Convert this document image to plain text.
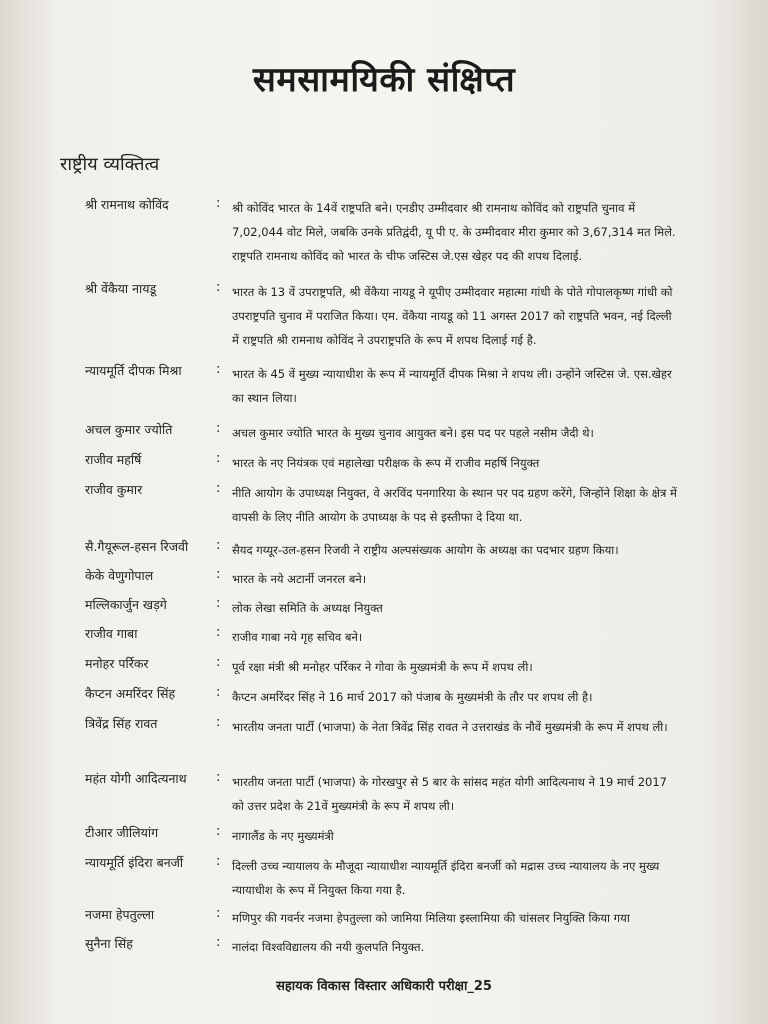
समसामयिकी संक्षिप्त
राष्ट्रीय व्यक्तित्व
श्री रामनाथ कोविंद	: श्री कोविंद भारत के 14वें राष्ट्रपति बने। एनडीए उम्मीदवार श्री रामनाथ कोविंद को राष्ट्रपति चुनाव में 7,02,044 वोट मिले, जबकि उनके प्रतिद्वंदी, यू पी ए. के उम्मीदवार मीरा कुमार को 3,67,314 मत मिले. राष्ट्रपति रामनाथ कोविंद को भारत के चीफ जस्टिस जे.एस खेहर पद की शपथ दिलाई.
श्री वेंकैया नायडू	: भारत के 13 वें उपराष्ट्रपति, श्री वेंकैया नायडू ने यूपीए उम्मीदवार महात्मा गांधी के पोते गोपालकृष्ण गांधी को उपराष्ट्रपति चुनाव में पराजित किया। एम. वेंकैया नायडू को 11 अगस्त 2017 को राष्ट्रपति भवन, नई दिल्ली में राष्ट्रपति श्री रामनाथ कोविंद ने उपराष्ट्रपति के रूप में शपथ दिलाई गई है.
न्यायमूर्ति दीपक मिश्रा	: भारत के 45 वें मुख्य न्यायाधीश के रूप में न्यायमूर्ति दीपक मिश्रा ने शपथ ली। उन्होंने जस्टिस जे. एस.खेहर का स्थान लिया।
अचल कुमार ज्योति	: अचल कुमार ज्योति भारत के मुख्य चुनाव आयुक्त बने। इस पद पर पहले नसीम जैदी थे।
राजीव महर्षि	: भारत के नए नियंत्रक एवं महालेखा परीक्षक के रूप में राजीव महर्षि नियुक्त
राजीव कुमार	: नीति आयोग के उपाध्यक्ष नियुक्त, वे अरविंद पनगारिया के स्थान पर पद ग्रहण करेंगे, जिन्होंने शिक्षा के क्षेत्र में वापसी के लिए नीति आयोग के उपाध्यक्ष के पद से इस्तीफा दे दिया था.
सै.गैयूरूल-हसन रिजवी	: सैयद गय्यूर-उल-हसन रिजवी ने राष्ट्रीय अल्पसंख्यक आयोग के अध्यक्ष का पदभार ग्रहण किया।
केके वेणुगोपाल	: भारत के नये अटार्नी जनरल बने।
मल्लिकार्जुन खड़गे	: लोक लेखा समिति के अध्यक्ष नियुक्त
राजीव गाबा	: राजीव गाबा नये गृह सचिव बने।
मनोहर पर्रिकर	: पूर्व रक्षा मंत्री श्री मनोहर पर्रिकर ने गोवा के मुख्यमंत्री के रूप में शपथ ली।
कैप्टन अमरिंदर सिंह	: कैप्टन अमरिंदर सिंह ने 16 मार्च 2017 को पंजाब के मुख्यमंत्री के तौर पर शपथ ली है।
त्रिवेंद्र सिंह रावत	: भारतीय जनता पार्टी (भाजपा) के नेता त्रिवेंद्र सिंह रावत ने उत्तराखंड के नौवें मुख्यमंत्री के रूप में शपथ ली।
महंत योगी आदित्यनाथ	: भारतीय जनता पार्टी (भाजपा) के गोरखपुर से 5 बार के सांसद महंत योगी आदित्यनाथ ने 19 मार्च 2017 को उत्तर प्रदेश के 21वें मुख्यमंत्री के रूप में शपथ ली।
टीआर जीलियांग	: नागालैंड के नए मुख्यमंत्री
न्यायमूर्ति इंदिरा बनर्जी	: दिल्ली उच्च न्यायालय के मौजूदा न्यायाधीश न्यायमूर्ति इंदिरा बनर्जी को मद्रास उच्च न्यायालय के नए मुख्य न्यायाधीश के रूप में नियुक्त किया गया है.
नजमा हेपतुल्ला	: मणिपुर की गवर्नर नजमा हेपतुल्ला को जामिया मिलिया इस्लामिया की चांसलर नियुक्ति किया गया
सुनैना सिंह	: नालंदा विश्वविद्यालय की नयी कुलपति नियुक्त.
सहायक विकास विस्तार अधिकारी परीक्षा_25
